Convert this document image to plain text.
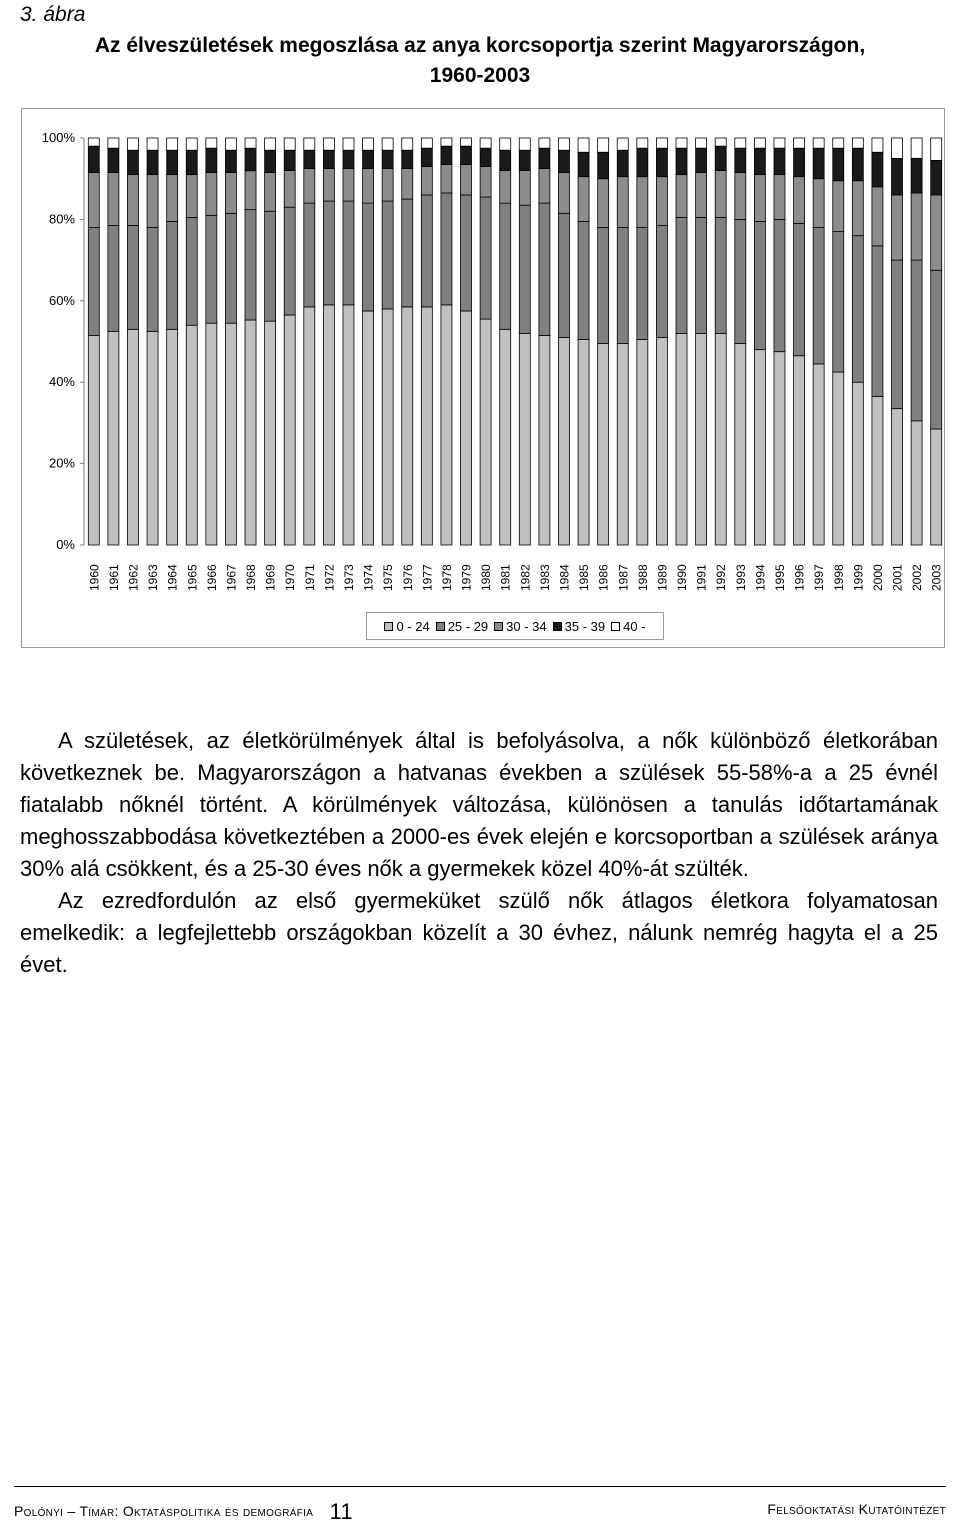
3. ábra
Az élveszületések megoszlása az anya korcsoportja szerint Magyarországon,
1960-2003
0%
20%
40%
60%
80%
100%
1960 1961 1962 1963 1964 1965 1966 1967 1968 1969 1970 1971 1972 1973 1974 1975 1976 1977 1978 1979 1980 1981 1982 1983 1984 1985 1986 1987 1988 1989 1990 1991 1992 1993 1994 1995 1996 1997 1998 1999 2000 2001 2002 2003
0 - 24 25 - 29 30 - 34 35 - 39 40 -

A születések, az életkörülmények által is befolyásolva, a nők különböző életkorában következnek be. Magyarországon a hatvanas években a szülések 55-58%-a a 25 évnél fiatalabb nőknél történt. A körülmények változása, különösen a tanulás időtartamának meghosszabbodása következtében a 2000-es évek elején e korcsoportban a szülések aránya 30% alá csökkent, és a 25-30 éves nők a gyermekek közel 40%-át szülték.

Az ezredfordulón az első gyermeküket szülő nők átlagos életkora folyamatosan emelkedik: a legfejlettebb országokban közelít a 30 évhez, nálunk nemrég hagyta el a 25 évet.

Polónyi – Tímár: Oktatáspolitika és demográfia 11	Felsőoktatási Kutatóintézet
